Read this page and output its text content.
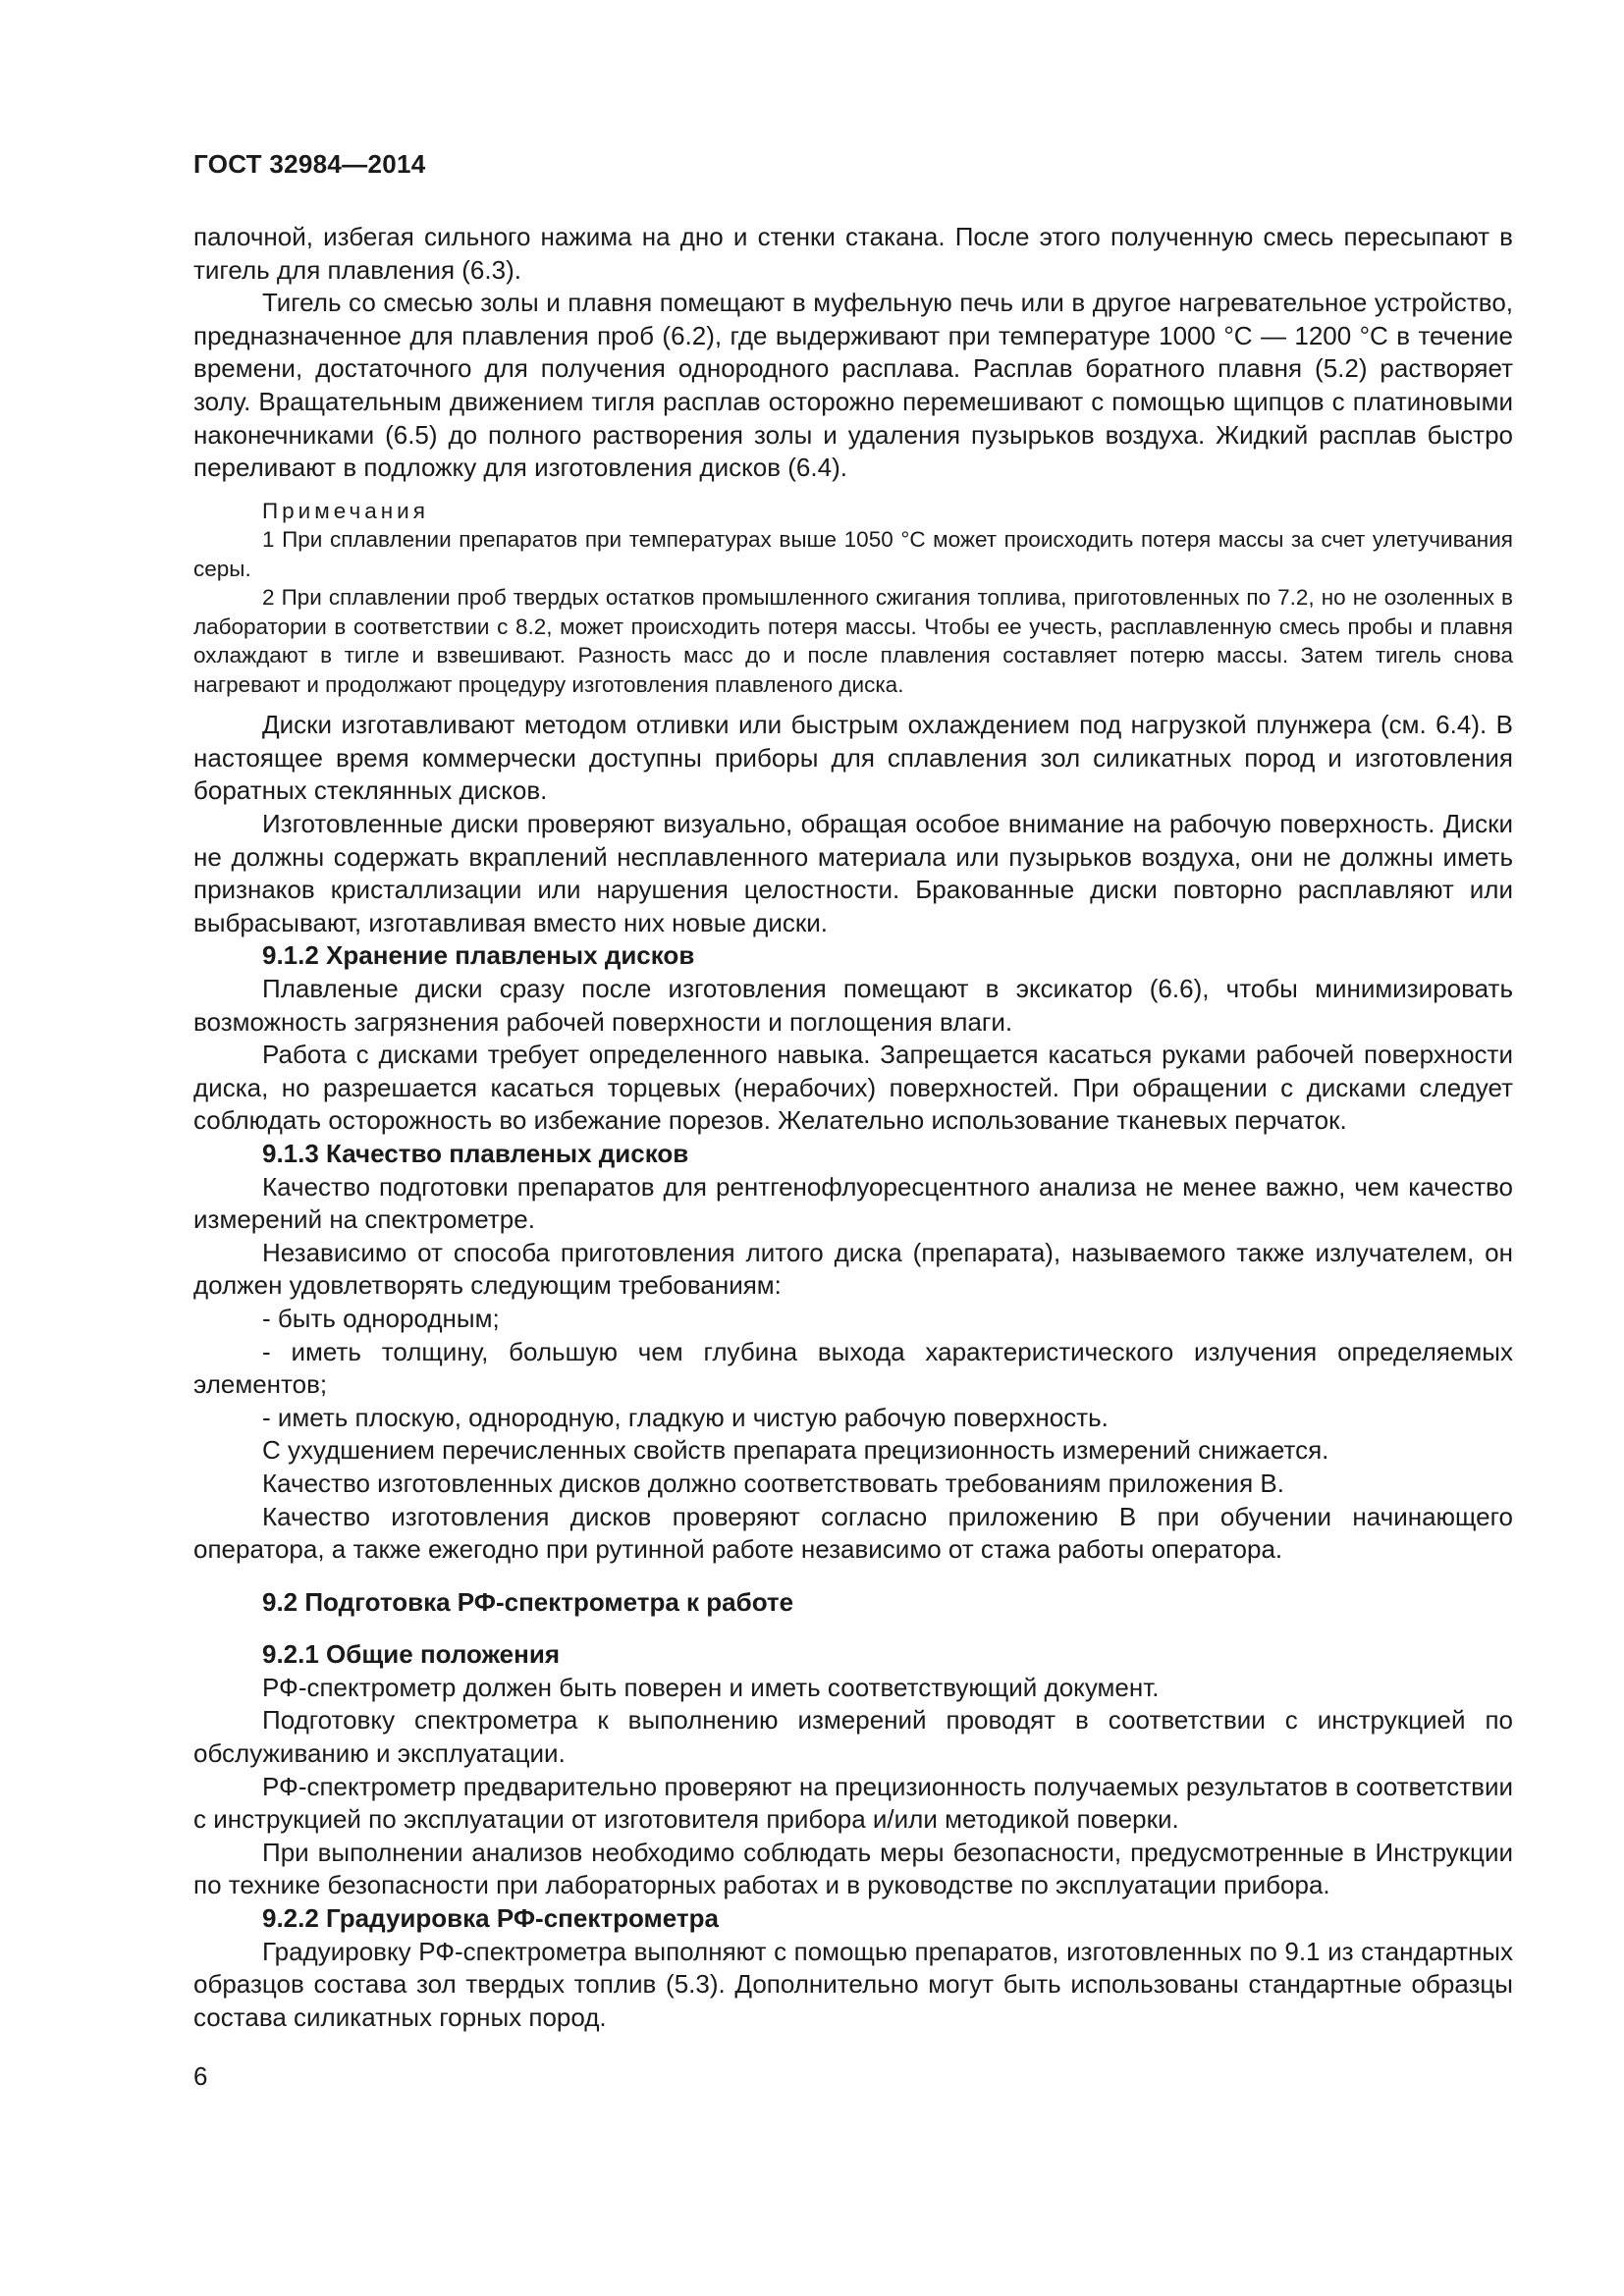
ГОСТ 32984—2014

палочной, избегая сильного нажима на дно и стенки стакана. После этого полученную смесь пересыпают в тигель для плавления (6.3).

Тигель со смесью золы и плавня помещают в муфельную печь или в другое нагревательное устройство, предназначенное для плавления проб (6.2), где выдерживают при температуре 1000 °C — 1200 °C в течение времени, достаточного для получения однородного расплава. Расплав боратного плавня (5.2) растворяет золу. Вращательным движением тигля расплав осторожно перемешивают с помощью щипцов с платиновыми наконечниками (6.5) до полного растворения золы и удаления пузырьков воздуха. Жидкий расплав быстро переливают в подложку для изготовления дисков (6.4).

Примечания

1 При сплавлении препаратов при температурах выше 1050 °C может происходить потеря массы за счет улетучивания серы.

2 При сплавлении проб твердых остатков промышленного сжигания топлива, приготовленных по 7.2, но не озоленных в лаборатории в соответствии с 8.2, может происходить потеря массы. Чтобы ее учесть, расплавленную смесь пробы и плавня охлаждают в тигле и взвешивают. Разность масс до и после плавления составляет потерю массы. Затем тигель снова нагревают и продолжают процедуру изготовления плавленого диска.

Диски изготавливают методом отливки или быстрым охлаждением под нагрузкой плунжера (см. 6.4). В настоящее время коммерчески доступны приборы для сплавления зол силикатных пород и изготовления боратных стеклянных дисков.

Изготовленные диски проверяют визуально, обращая особое внимание на рабочую поверхность. Диски не должны содержать вкраплений несплавленного материала или пузырьков воздуха, они не должны иметь признаков кристаллизации или нарушения целостности. Бракованные диски повторно расплавляют или выбрасывают, изготавливая вместо них новые диски.

9.1.2 Хранение плавленых дисков

Плавленые диски сразу после изготовления помещают в эксикатор (6.6), чтобы минимизировать возможность загрязнения рабочей поверхности и поглощения влаги.

Работа с дисками требует определенного навыка. Запрещается касаться руками рабочей поверхности диска, но разрешается касаться торцевых (нерабочих) поверхностей. При обращении с дисками следует соблюдать осторожность во избежание порезов. Желательно использование тканевых перчаток.

9.1.3 Качество плавленых дисков

Качество подготовки препаратов для рентгенофлуоресцентного анализа не менее важно, чем качество измерений на спектрометре.

Независимо от способа приготовления литого диска (препарата), называемого также излучателем, он должен удовлетворять следующим требованиям:

- быть однородным;

- иметь толщину, большую чем глубина выхода характеристического излучения определяемых элементов;

- иметь плоскую, однородную, гладкую и чистую рабочую поверхность.

С ухудшением перечисленных свойств препарата прецизионность измерений снижается.

Качество изготовленных дисков должно соответствовать требованиям приложения В.

Качество изготовления дисков проверяют согласно приложению В при обучении начинающего оператора, а также ежегодно при рутинной работе независимо от стажа работы оператора.

9.2 Подготовка РФ-спектрометра к работе

9.2.1 Общие положения

РФ-спектрометр должен быть поверен и иметь соответствующий документ.

Подготовку спектрометра к выполнению измерений проводят в соответствии с инструкцией по обслуживанию и эксплуатации.

РФ-спектрометр предварительно проверяют на прецизионность получаемых результатов в соответствии с инструкцией по эксплуатации от изготовителя прибора и/или методикой поверки.

При выполнении анализов необходимо соблюдать меры безопасности, предусмотренные в Инструкции по технике безопасности при лабораторных работах и в руководстве по эксплуатации прибора.

9.2.2 Градуировка РФ-спектрометра

Градуировку РФ-спектрометра выполняют с помощью препаратов, изготовленных по 9.1 из стандартных образцов состава зол твердых топлив (5.3). Дополнительно могут быть использованы стандартные образцы состава силикатных горных пород.

6
